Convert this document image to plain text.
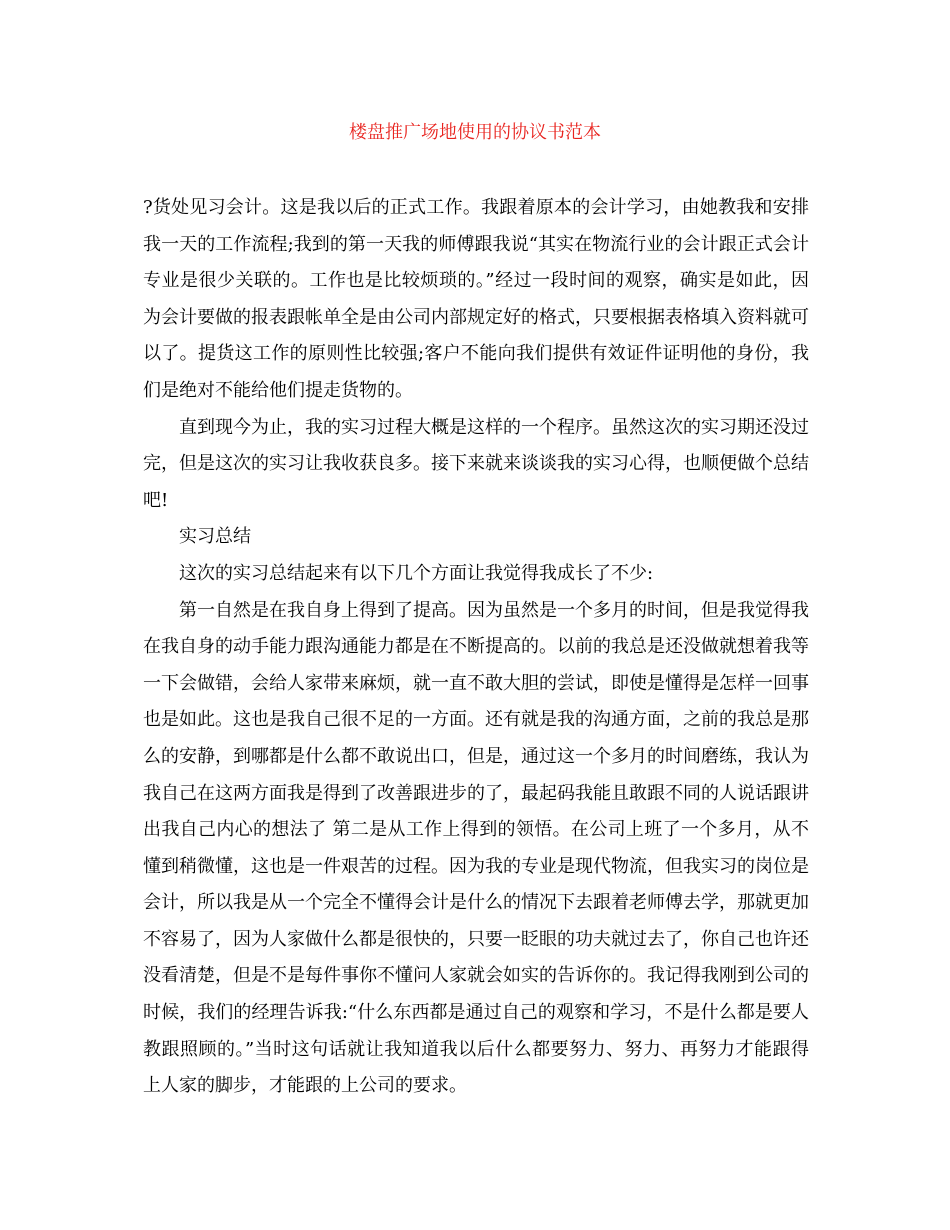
楼盘推广场地使用的协议书范本

?货处见习会计。这是我以后的正式工作。我跟着原本的会计学习，由她教我和安排我一天的工作流程;我到的第一天我的师傅跟我说“其实在物流行业的会计跟正式会计专业是很少关联的。工作也是比较烦琐的。”经过一段时间的观察，确实是如此，因为会计要做的报表跟帐单全是由公司内部规定好的格式，只要根据表格填入资料就可以了。提货这工作的原则性比较强;客户不能向我们提供有效证件证明他的身份，我们是绝对不能给他们提走货物的。

直到现今为止，我的实习过程大概是这样的一个程序。虽然这次的实习期还没过完，但是这次的实习让我收获良多。接下来就来谈谈我的实习心得，也顺便做个总结吧!

实习总结

这次的实习总结起来有以下几个方面让我觉得我成长了不少:

第一自然是在我自身上得到了提高。因为虽然是一个多月的时间，但是我觉得我在我自身的动手能力跟沟通能力都是在不断提高的。以前的我总是还没做就想着我等一下会做错，会给人家带来麻烦，就一直不敢大胆的尝试，即使是懂得是怎样一回事也是如此。这也是我自己很不足的一方面。还有就是我的沟通方面，之前的我总是那么的安静，到哪都是什么都不敢说出口，但是，通过这一个多月的时间磨练，我认为我自己在这两方面我是得到了改善跟进步的了，最起码我能且敢跟不同的人说话跟讲出我自己内心的想法了 第二是从工作上得到的领悟。在公司上班了一个多月，从不懂到稍微懂，这也是一件艰苦的过程。因为我的专业是现代物流，但我实习的岗位是会计，所以我是从一个完全不懂得会计是什么的情况下去跟着老师傅去学，那就更加不容易了，因为人家做什么都是很快的，只要一眨眼的功夫就过去了，你自己也许还没看清楚，但是不是每件事你不懂问人家就会如实的告诉你的。我记得我刚到公司的时候，我们的经理告诉我:“什么东西都是通过自己的观察和学习，不是什么都是要人教跟照顾的。”当时这句话就让我知道我以后什么都要努力、努力、再努力才能跟得上人家的脚步，才能跟的上公司的要求。
